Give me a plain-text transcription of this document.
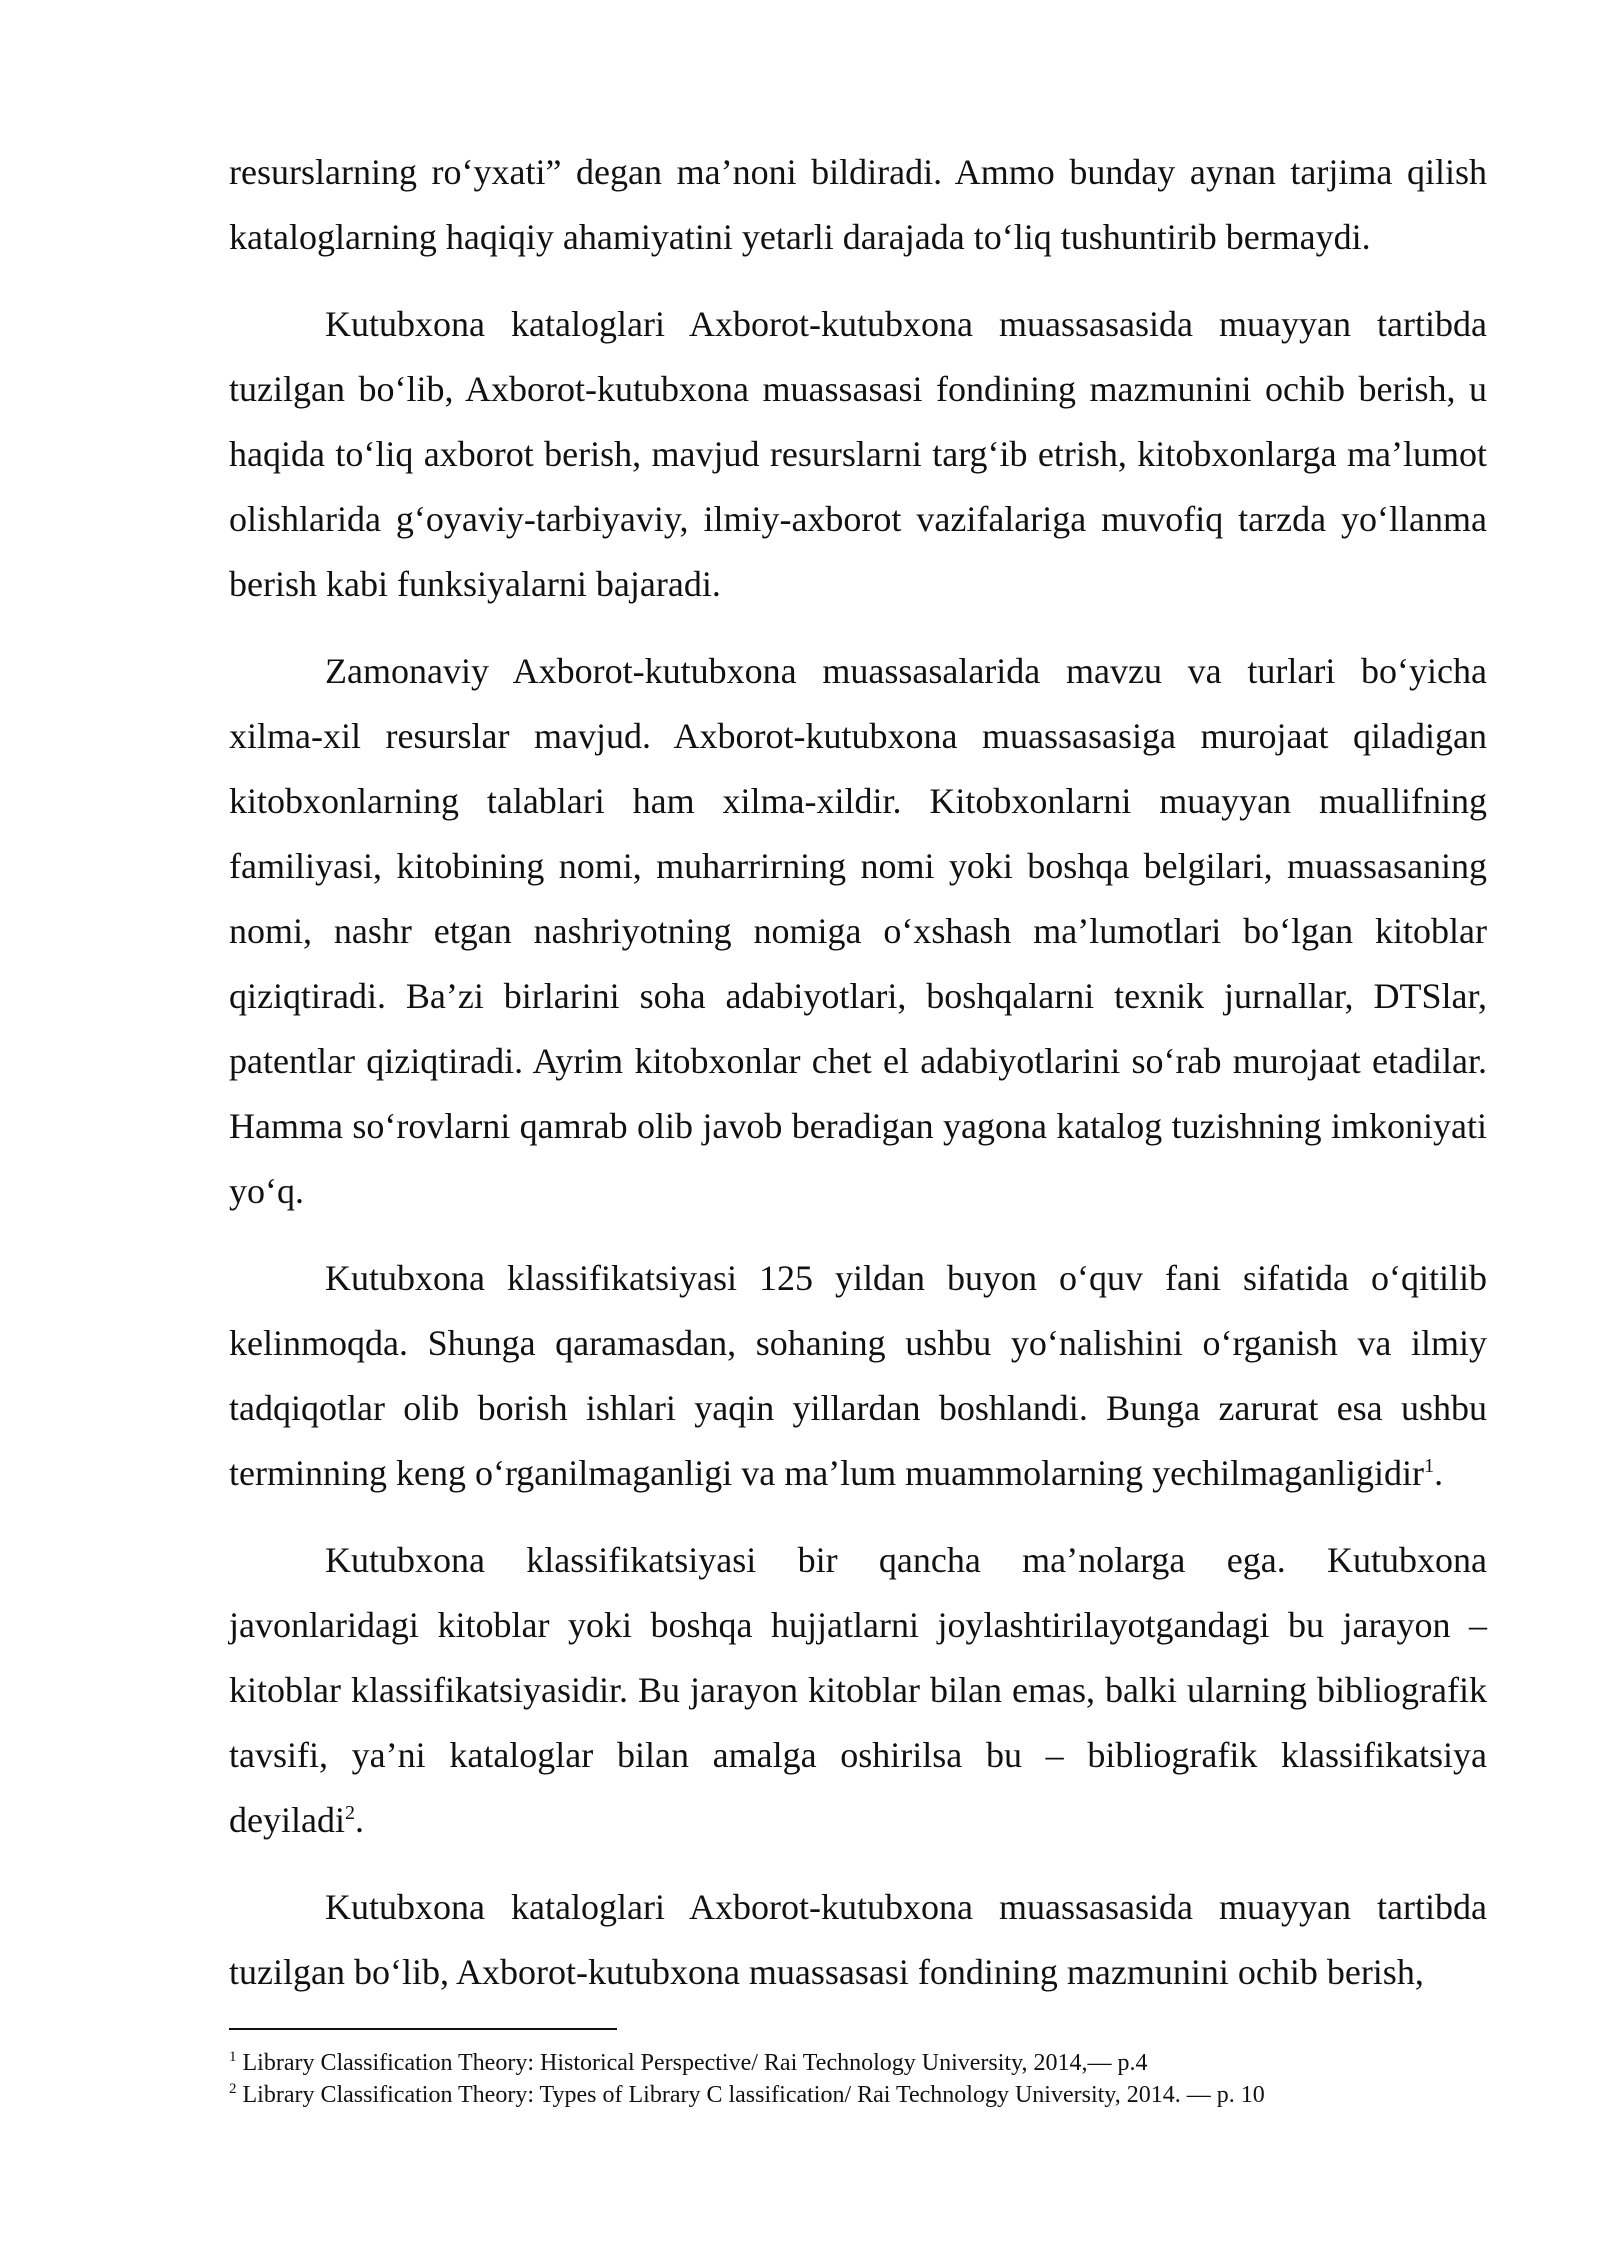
resurslarning ro‘yxati” degan ma’noni bildiradi. Ammo bunday aynan tarjima qilish kataloglarning haqiqiy ahamiyatini yetarli darajada to‘liq tushuntirib bermaydi.

Kutubxona kataloglari Axborot-kutubxona muassasasida muayyan tartibda tuzilgan bo‘lib, Axborot-kutubxona muassasasi fondining mazmunini ochib berish, u haqida to‘liq axborot berish, mavjud resurslarni targ‘ib etrish, kitobxonlarga ma’lumot olishlarida g‘oyaviy-tarbiyaviy, ilmiy-axborot vazifalariga muvofiq tarzda yo‘llanma berish kabi funksiyalarni bajaradi.

Zamonaviy Axborot-kutubxona muassasalarida mavzu va turlari bo‘yicha xilma-xil resurslar mavjud. Axborot-kutubxona muassasasiga murojaat qiladigan kitobxonlarning talablari ham xilma-xildir. Kitobxonlarni muayyan muallifning familiyasi, kitobining nomi, muharrirning nomi yoki boshqa belgilari, muassasaning nomi, nashr etgan nashriyotning nomiga o‘xshash ma’lumotlari bo‘lgan kitoblar qiziqtiradi. Ba’zi birlarini soha adabiyotlari, boshqalarni texnik jurnallar, DTSlar, patentlar qiziqtiradi. Ayrim kitobxonlar chet el adabiyotlarini so‘rab murojaat etadilar. Hamma so‘rovlarni qamrab olib javob beradigan yagona katalog tuzishning imkoniyati yo‘q.

Kutubxona klassifikatsiyasi 125 yildan buyon o‘quv fani sifatida o‘qitilib kelinmoqda. Shunga qaramasdan, sohaning ushbu yo‘nalishini o‘rganish va ilmiy tadqiqotlar olib borish ishlari yaqin yillardan boshlandi. Bunga zarurat esa ushbu terminning keng o‘rganilmaganligi va ma’lum muammolarning yechilmaganligidir$^1$.

Kutubxona klassifikatsiyasi bir qancha ma’nolarga ega. Kutubxona javonlaridagi kitoblar yoki boshqa hujjatlarni joylashtirilayotgandagi bu jarayon – kitoblar klassifikatsiyasidir. Bu jarayon kitoblar bilan emas, balki ularning bibliografik tavsifi, ya’ni kataloglar bilan amalga oshirilsa bu – bibliografik klassifikatsiya deyiladi$^2$.

Kutubxona kataloglari Axborot-kutubxona muassasasida muayyan tartibda tuzilgan bo‘lib, Axborot-kutubxona muassasasi fondining mazmunini ochib berish,

$^1$ Library Classification Theory: Historical Perspective/ Rai Technology University, 2014,— p.4

$^2$ Library Classification Theory: Types of Library C lassification/ Rai Technology University, 2014. — p. 10
